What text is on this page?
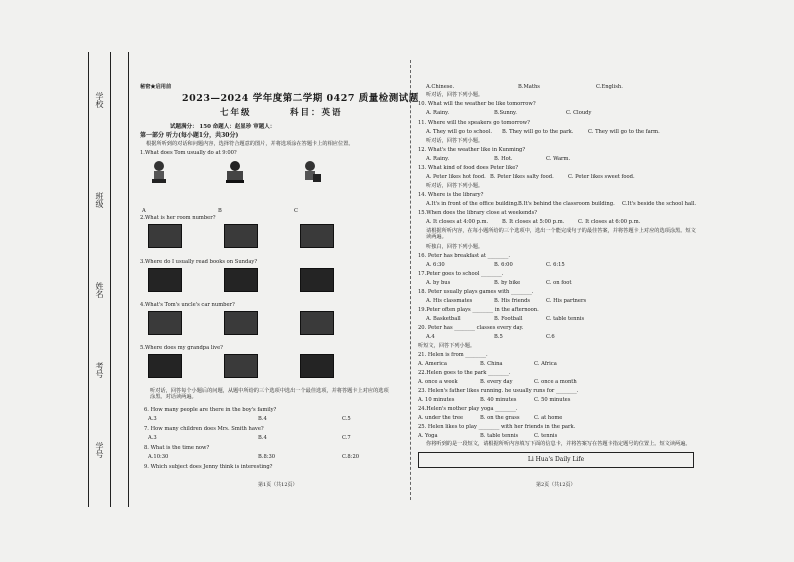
学校
班级
姓名
考号
学号
秘密★启用前
2023—2024 学年度第二学期 0427 质量检测试题
七年级	科目：英语
试题满分： 150 命题人：赵显珍 审题人：
第一部分 听力(每小题1分，共30分)
根据所听到的对话和问题内容，选择符合题意的图片，并将选项涂在答题卡上的相应位置。
1.What does Tom usually do at 9:00?
A	B	C
2.What is her room number?
3.Where do I usually read books on Sunday?
4.What's Tom's uncle's car number?
5.Where does my grandpa live?
听对话，回答每个小题后的问题，从题中所给的三个选项中选出一个最佳选项，并将答题卡上对应的选项涂黑。对话读两遍。
6. How many people are there in the boy's family?
A.3	B.4	C.5
7. How many children does Mrs. Smith have?
A.3	B.4	C.7
8. What is the time now?
A.10:30	B.8:30	C.8:20
9. Which subject does Jenny think is interesting?
第1页（共12页）
A.Chinese.	B.Maths	C.English.
听对话，回答下列小题。
10. What will the weather be like tomorrow?
A. Rainy.	B.Sunny.	C. Cloudy
11. Where will the speakers go tomorrow?
A. They will go to school. B. They will go to the park.	C. They will go to the farm.
听对话，回答下列小题。
12. What's the weather like in Kunming?
A. Rainy.	B. Hot.	C. Warm.
13. What kind of food does Peter like?
A. Peter likes hot food. B. Peter likes salty food.	C. Peter likes sweet food.
听对话，回答下列小题。
14. Where is the library?
A.It's in front of the office building. B.It's behind the classroom building. C.It's beside the school hall.
15.When does the library close at weekends?
A. It closes at 4:00 p.m.	B. It closes at 5:00 p.m.	C. It closes at 6:00 p.m.
请根据所听内容，在每小题所给的三个选项中，选出一个能完成句子的最佳答案，并将答题卡上对应的选项涂黑。短文读两遍。
听独白，回答下列小题。
16. Peter has breakfast at ________.
A. 6:30	B. 6:00	C. 6:15
17.Peter goes to school ________.
A. by bus	B. by bike	C. on foot
18. Peter usually plays games with ________.
A. His classmates	B. His friends	C. His partners
19.Peter often plays ________ in the afternoon.
A. Basketball	B. Football	C. table tennis
20. Peter has ________ classes every day.
A.4	B.5	C.6
听短文，回答下列小题。
21. Helen is from ________.
A. America	B. China	C. Africa
22.Helen goes to the park ________.
A. once a week	B. every day	C. once a month
23. Helen's father likes running. he usually runs for ________.
A. 10 minutes	B. 40 minutes	C. 50 minutes
24.Helen's mother play yoga ________.
A. under the tree	B. on the grass	C. at home
25. Helen likes to play ________ with her friends in the park.
A. Yoga	B. table tennis	C. tennis
你将听到的是一段短文，请根据所听内容填写下面的信息卡，并将答案写在答题卡指定题号的位置上。短文读两遍。
第2页（共12页）
Li Hua's Daily Life
